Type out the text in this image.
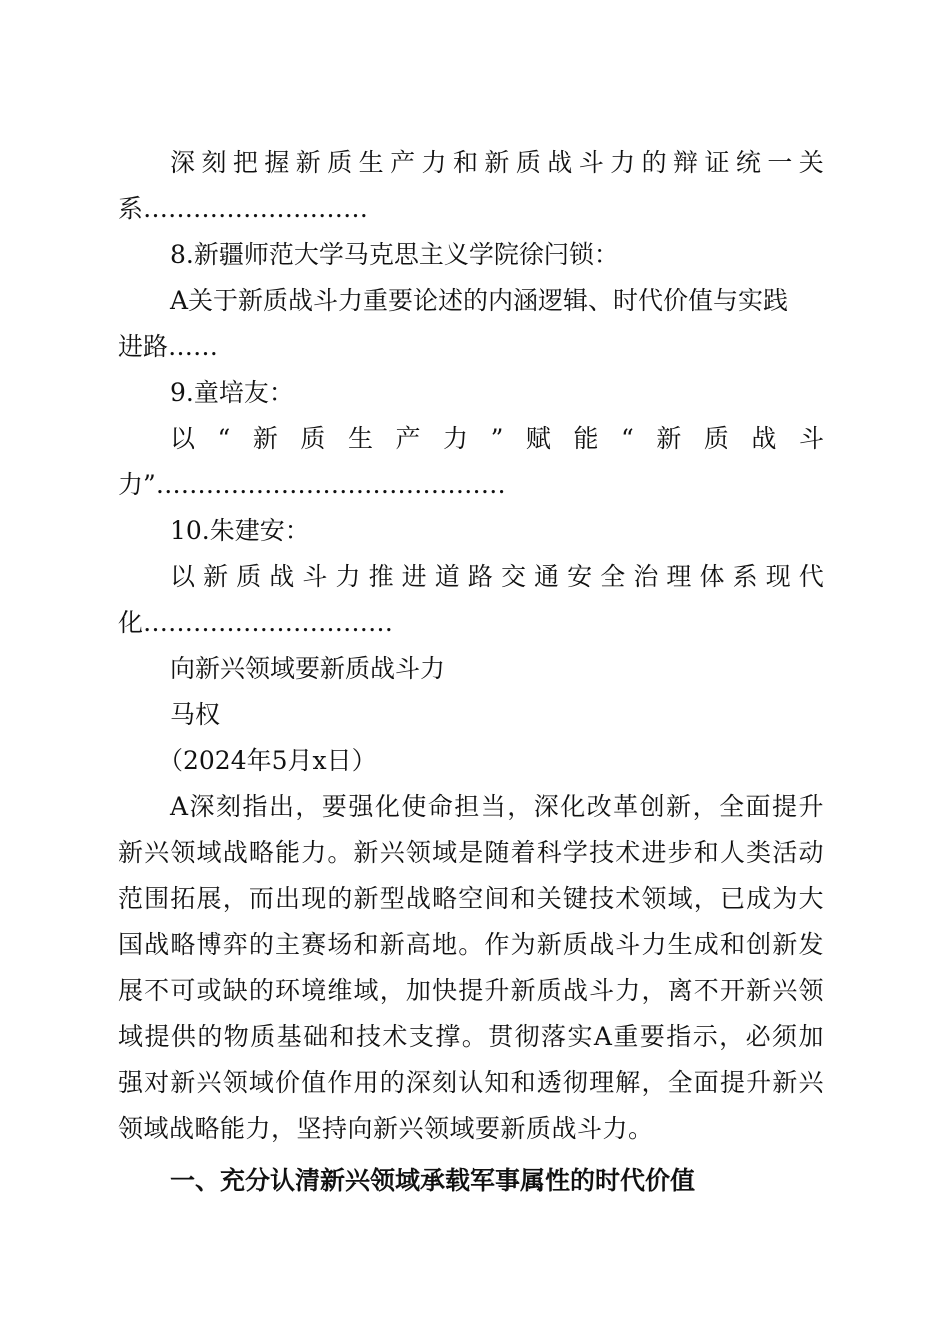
深 刻 把 握 新 质 生 产 力 和 新 质 战 斗 力 的 辩 证 统 一 关
系………………………
8.新疆师范大学马克思主义学院徐闩锁：
A关于新质战斗力重要论述的内涵逻辑、时代价值与实践
进路……
9.童培友：
以 “ 新 质 生 产 力 ” 赋 能 “ 新 质 战 斗
力”……………………………………
10.朱建安：
以 新 质 战 斗 力 推 进 道 路 交 通 安 全 治 理 体 系 现 代
化…………………………
向新兴领域要新质战斗力
马权
（2024年5月x日）
A深刻指出，要强化使命担当，深化改革创新，全面提升新兴领域战略能力。新兴领域是随着科学技术进步和人类活动范围拓展，而出现的新型战略空间和关键技术领域，已成为大国战略博弈的主赛场和新高地。作为新质战斗力生成和创新发展不可或缺的环境维域，加快提升新质战斗力，离不开新兴领域提供的物质基础和技术支撑。贯彻落实A重要指示，必须加强对新兴领域价值作用的深刻认知和透彻理解，全面提升新兴领域战略能力，坚持向新兴领域要新质战斗力。
一、充分认清新兴领域承载军事属性的时代价值
